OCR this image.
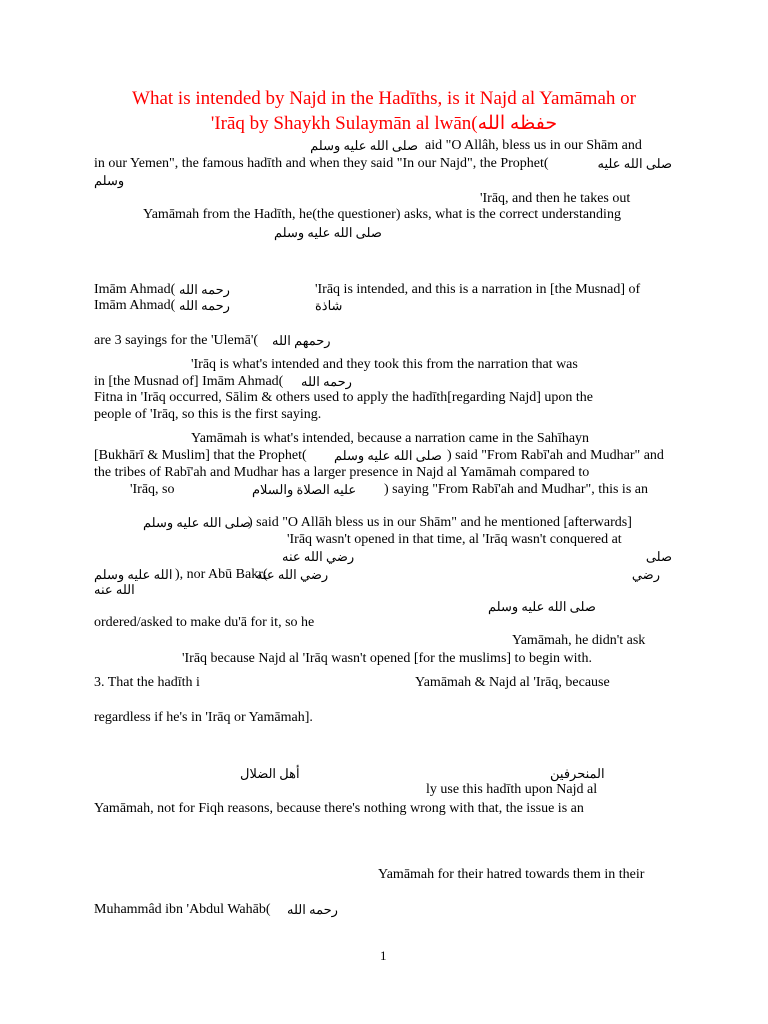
What is intended by Najd in the Hadīths, is it Najd al Yamāmah or
'Irāq by Shaykh Sulaymān al lwān(حفظه الله
صلى الله عليه وسلم aid "O Allâh, bless us in our Shām and
in our Yemen", the famous hadīth and when they said "In our Najd", the Prophet(	صلى الله عليه
وسلم
'Irāq, and then he takes out
Yamāmah from the Hadīth, he(the questioner) asks, what is the correct understanding
صلى الله عليه وسلم
Imām Ahmad( رحمه الله	'Irāq is intended, and this is a narration in [the Musnad] of
Imām Ahmad( رحمه الله	شاذة
are 3 sayings for the 'Ulemā'( رحمهم الله
'Irāq is what's intended and they took this from the narration that was
in [the Musnad of] Imām Ahmad( رحمه الله
Fitna in 'Irāq occurred, Sālim & others used to apply the hadīth[regarding Najd] upon the
people of 'Irāq, so this is the first saying.
Yamāmah is what's intended, because a narration came in the Sahīhayn
[Bukhārī & Muslim] that the Prophet( صلى الله عليه وسلم ) said "From Rabī'ah and Mudhar" and
the tribes of Rabī'ah and Mudhar has a larger presence in Najd al Yamāmah compared to
'Irāq, so	عليه الصلاة والسلام ) saying "From Rabī'ah and Mudhar", this is an
صلى الله عليه وسلم
) said "O Allāh bless us in our Shām" and he mentioned [afterwards]
'Irāq wasn't opened in that time, al 'Irāq wasn't conquered at
رضي الله عنه	صلى
الله عليه وسلم ), nor Abū Bakr(
رضي الله عنه	رضي
الله عنه
صلى الله عليه وسلم
ordered/asked to make du'ā for it, so he
Yamāmah, he didn't ask
'Irāq because Najd al 'Irāq wasn't opened [for the muslims] to begin with.
3. That the hadīth i	Yamāmah & Najd al 'Irāq, because
regardless if he's in 'Irāq or Yamāmah].
أهل الضلال	المنحرفين
ly use this hadīth upon Najd al
Yamāmah, not for Fiqh reasons, because there's nothing wrong with that, the issue is an
Yamāmah for their hatred towards them in their
Muhammâd ibn 'Abdul Wahāb( رحمه الله
1
